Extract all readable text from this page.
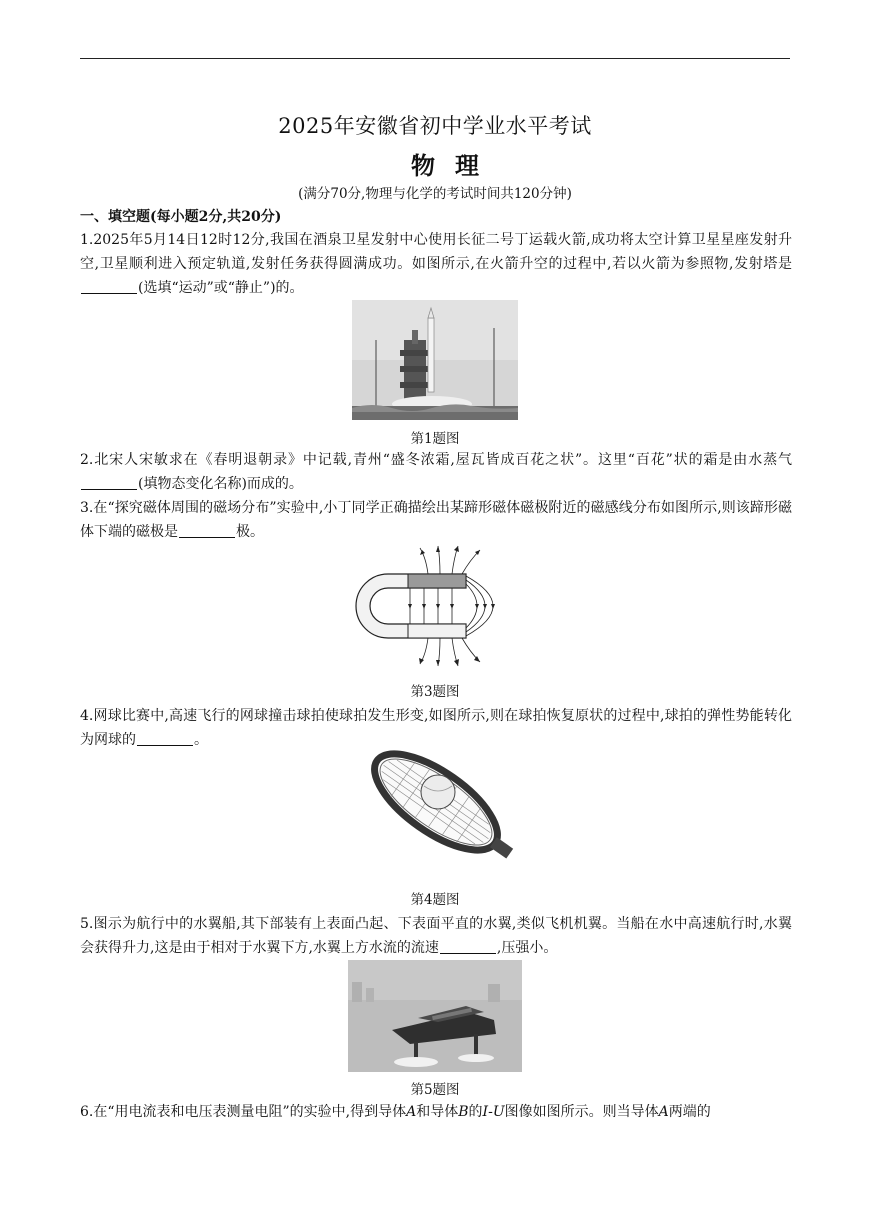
2025年安徽省初中学业水平考试
物理
(满分70分,物理与化学的考试时间共120分钟)
一、填空题(每小题2分,共20分)
1.2025年5月14日12时12分,我国在酒泉卫星发射中心使用长征二号丁运载火箭,成功将太空计算卫星星座发射升空,卫星顺利进入预定轨道,发射任务获得圆满成功。如图所示,在火箭升空的过程中,若以火箭为参照物,发射塔是(选填“运动”或“静止”)的。
第1题图
2.北宋人宋敏求在《春明退朝录》中记载,青州“盛冬浓霜,屋瓦皆成百花之状”。这里“百花”状的霜是由水蒸气(填物态变化名称)而成的。
3.在“探究磁体周围的磁场分布”实验中,小丁同学正确描绘出某蹄形磁体磁极附近的磁感线分布如图所示,则该蹄形磁体下端的磁极是	极。
第3题图
4.网球比赛中,高速飞行的网球撞击球拍使球拍发生形变,如图所示,则在球拍恢复原状的过程中,球拍的弹性势能转化为网球的	。
第4题图
5.图示为航行中的水翼船,其下部装有上表面凸起、下表面平直的水翼,类似飞机机翼。当船在水中高速航行时,水翼会获得升力,这是由于相对于水翼下方,水翼上方水流的流速	,压强小。
第5题图
6.在“用电流表和电压表测量电阻”的实验中,得到导体A和导体B的I-U图像如图所示。则当导体A两端的
